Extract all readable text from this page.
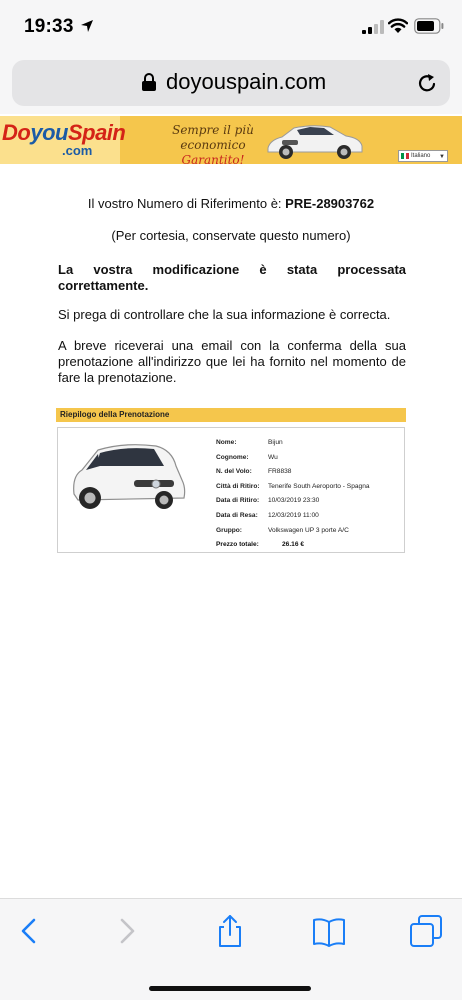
19:33
doyouspain.com
DoyouSpain
.com
Sempre il più
economico Garantito!	Italiano ▼
Il vostro Numero di Riferimento è: PRE-28903762
(Per cortesia, conservate questo numero)
La vostra modificazione è stata processata correttamente.
Si prega di controllare che la sua informazione è correcta.
A breve riceverai una email con la conferma della sua prenotazione all'indirizzo que lei ha fornito nel momento de fare la prenotazione.
Riepilogo della Prenotazione
Nome:	Bijun
Cognome:	Wu
N. del Volo: FR8838
Città di Ritiro: Tenerife South Aeroporto - Spagna
Data di Ritiro: 10/03/2019 23:30
Data di Resa: 12/03/2019 11:00
Gruppo:	Volkswagen UP 3 porte A/C
Prezzo totale:	26.16 €
